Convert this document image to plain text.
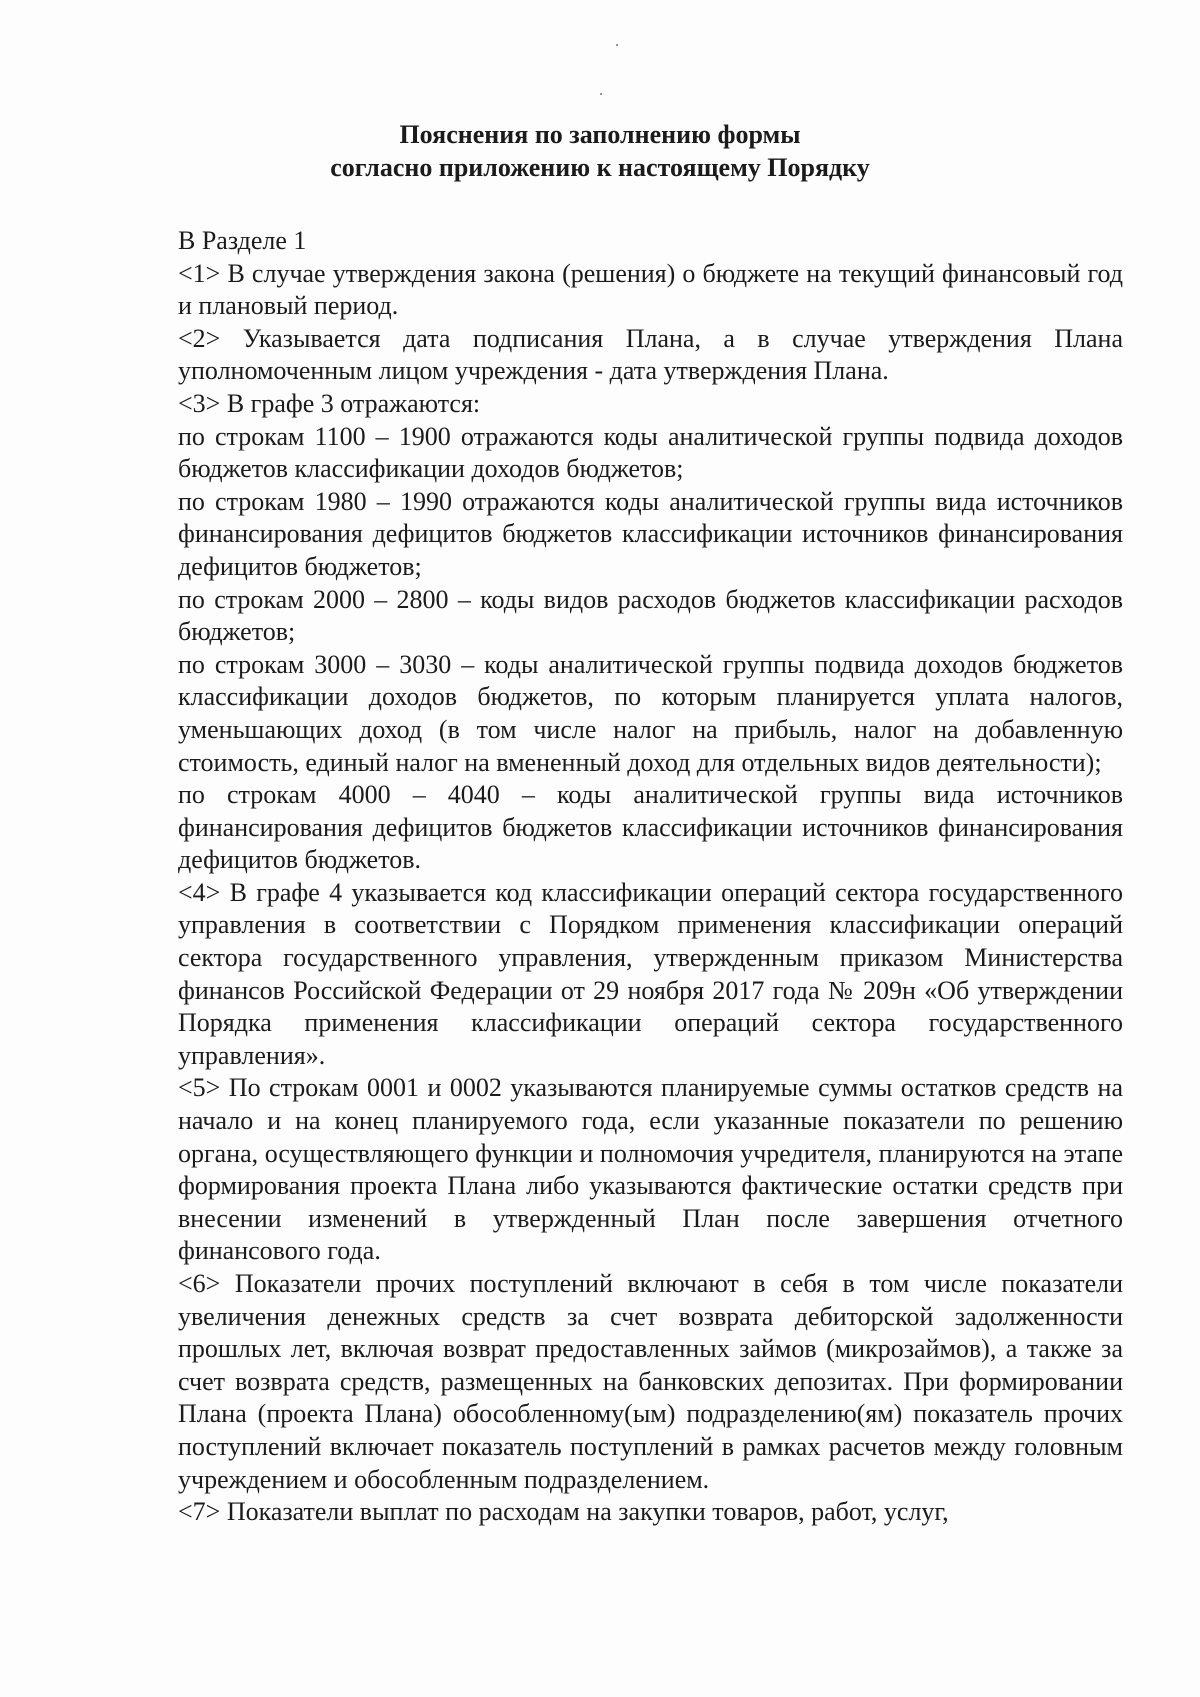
Пояснения по заполнению формы
согласно приложению к настоящему Порядку
В Разделе 1

<1> В случае утверждения закона (решения) о бюджете на текущий финансовый год и плановый период.

<2> Указывается дата подписания Плана, а в случае утверждения Плана уполномоченным лицом учреждения - дата утверждения Плана.

<3> В графе 3 отражаются:

по строкам 1100 – 1900 отражаются коды аналитической группы подвида доходов бюджетов классификации доходов бюджетов;

по строкам 1980 – 1990 отражаются коды аналитической группы вида источников финансирования дефицитов бюджетов классификации источников финансирования дефицитов бюджетов;

по строкам 2000 – 2800 – коды видов расходов бюджетов классификации расходов бюджетов;

по строкам 3000 – 3030 – коды аналитической группы подвида доходов бюджетов классификации доходов бюджетов, по которым планируется уплата налогов, уменьшающих доход (в том числе налог на прибыль, налог на добавленную стоимость, единый налог на вмененный доход для отдельных видов деятельности);

по строкам 4000 – 4040 – коды аналитической группы вида источников финансирования дефицитов бюджетов классификации источников финансирования дефицитов бюджетов.

<4> В графе 4 указывается код классификации операций сектора государственного управления в соответствии с Порядком применения классификации операций сектора государственного управления, утвержденным приказом Министерства финансов Российской Федерации от 29 ноября 2017 года № 209н «Об утверждении Порядка применения классификации операций сектора государственного управления».

<5> По строкам 0001 и 0002 указываются планируемые суммы остатков средств на начало и на конец планируемого года, если указанные показатели по решению органа, осуществляющего функции и полномочия учредителя, планируются на этапе формирования проекта Плана либо указываются фактические остатки средств при внесении изменений в утвержденный План после завершения отчетного финансового года.

<6> Показатели прочих поступлений включают в себя в том числе показатели увеличения денежных средств за счет возврата дебиторской задолженности прошлых лет, включая возврат предоставленных займов (микрозаймов), а также за счет возврата средств, размещенных на банковских депозитах. При формировании Плана (проекта Плана) обособленному(ым) подразделению(ям) показатель прочих поступлений включает показатель поступлений в рамках расчетов между головным учреждением и обособленным подразделением.

<7> Показатели выплат по расходам на закупки товаров, работ, услуг,
